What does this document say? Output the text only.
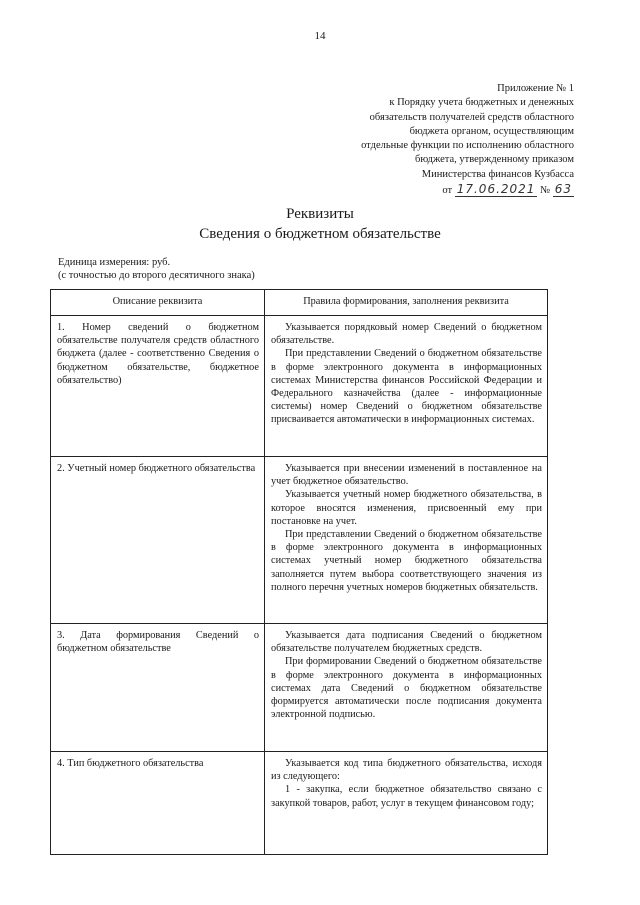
14
Приложение № 1
к Порядку учета бюджетных и денежных
обязательств получателей средств областного
бюджета органом, осуществляющим
отдельные функции по исполнению областного
бюджета, утвержденному приказом
Министерства финансов Кузбасса
от 17.06.2021 № 63
Реквизиты
Сведения о бюджетном обязательстве
Единица измерения: руб.
(с точностью до второго десятичного знака)
Описание реквизита	Правила формирования, заполнения реквизита

1. Номер сведений о бюджетном обязательстве получателя средств областного бюджета (далее - соответственно Сведения о бюджетном обязательстве, бюджетное обязательство)	Указывается порядковый номер Сведений о бюджетном обязательстве.

При представлении Сведений о бюджетном обязательстве в форме электронного документа в информационных системах Министерства финансов Российской Федерации и Федерального казначейства (далее - информационные системы) номер Сведений о бюджетном обязательстве присваивается автоматически в информационных системах.

2. Учетный номер бюджетного обязательства	Указывается при внесении изменений в поставленное на учет бюджетное обязательство.

Указывается учетный номер бюджетного обязательства, в которое вносятся изменения, присвоенный ему при постановке на учет.

При представлении Сведений о бюджетном обязательстве в форме электронного документа в информационных системах учетный номер бюджетного обязательства заполняется путем выбора соответствующего значения из полного перечня учетных номеров бюджетных обязательств.

3. Дата формирования Сведений о бюджетном обязательстве	Указывается дата подписания Сведений о бюджетном обязательстве получателем бюджетных средств.

При формировании Сведений о бюджетном обязательстве в форме электронного документа в информационных системах дата Сведений о бюджетном обязательстве формируется автоматически после подписания документа электронной подписью.

4. Тип бюджетного обязательства	Указывается код типа бюджетного обязательства, исходя из следующего:

1 - закупка, если бюджетное обязательство связано с закупкой товаров, работ, услуг в текущем финансовом году;
